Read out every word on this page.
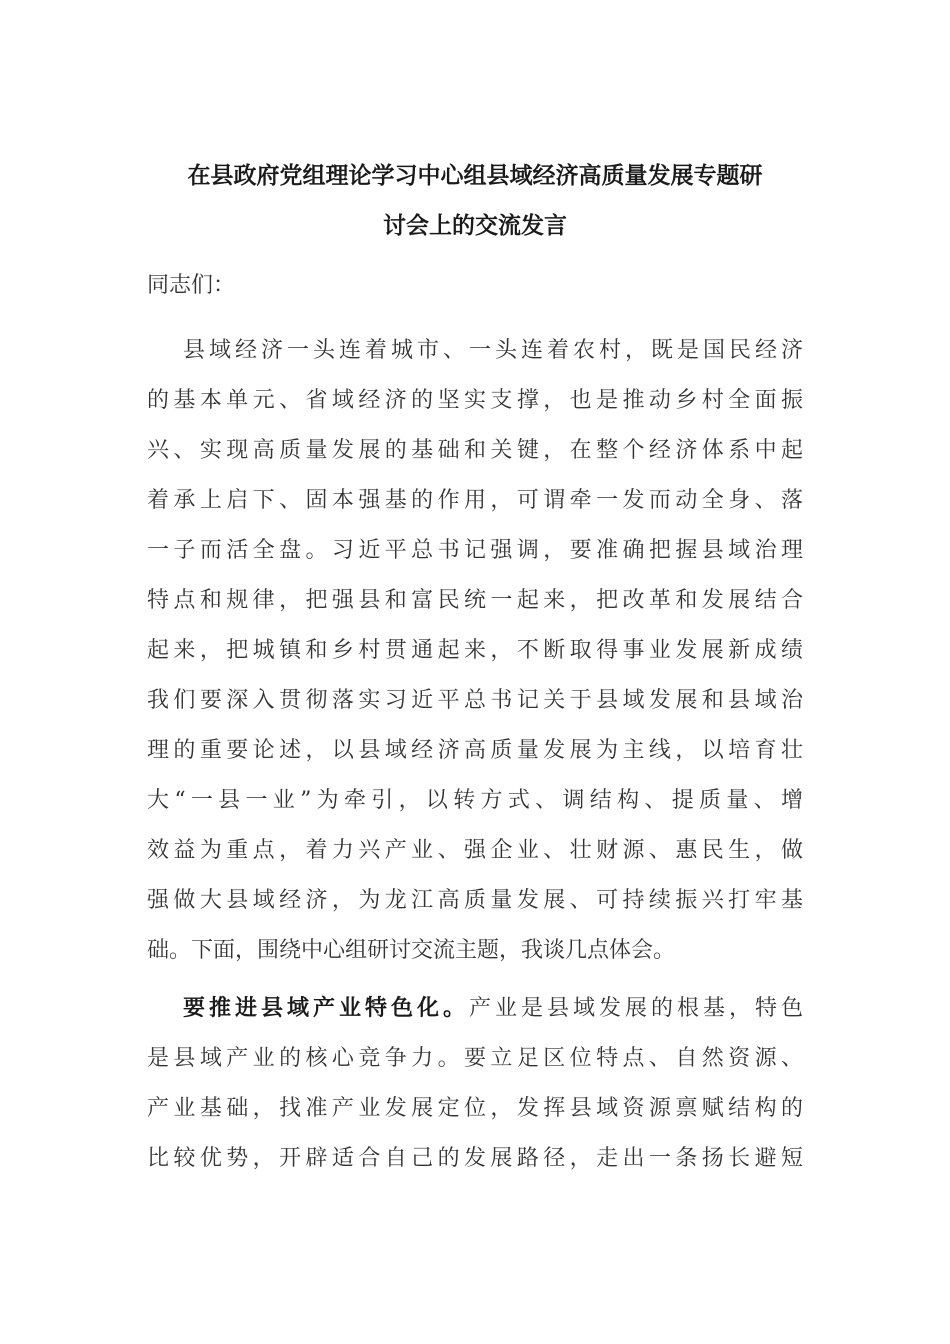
在县政府党组理论学习中心组县域经济高质量发展专题研
讨会上的交流发言
同志们：
县域经济一头连着城市、一头连着农村，既是国民经济
的基本单元、省域经济的坚实支撑，也是推动乡村全面振
兴、实现高质量发展的基础和关键，在整个经济体系中起
着承上启下、固本强基的作用，可谓牵一发而动全身、落
一子而活全盘。习近平总书记强调，要准确把握县域治理
特点和规律，把强县和富民统一起来，把改革和发展结合
起来，把城镇和乡村贯通起来，不断取得事业发展新成绩
我们要深入贯彻落实习近平总书记关于县域发展和县域治
理的重要论述，以县域经济高质量发展为主线，以培育壮
大“一县一业”为牵引，以转方式、调结构、提质量、增
效益为重点，着力兴产业、强企业、壮财源、惠民生，做
强做大县域经济，为龙江高质量发展、可持续振兴打牢基
础。下面，围绕中心组研讨交流主题，我谈几点体会。
要推进县域产业特色化。产业是县域发展的根基，特色
是县域产业的核心竞争力。要立足区位特点、自然资源、
产业基础，找准产业发展定位，发挥县域资源禀赋结构的
比较优势，开辟适合自己的发展路径，走出一条扬长避短
